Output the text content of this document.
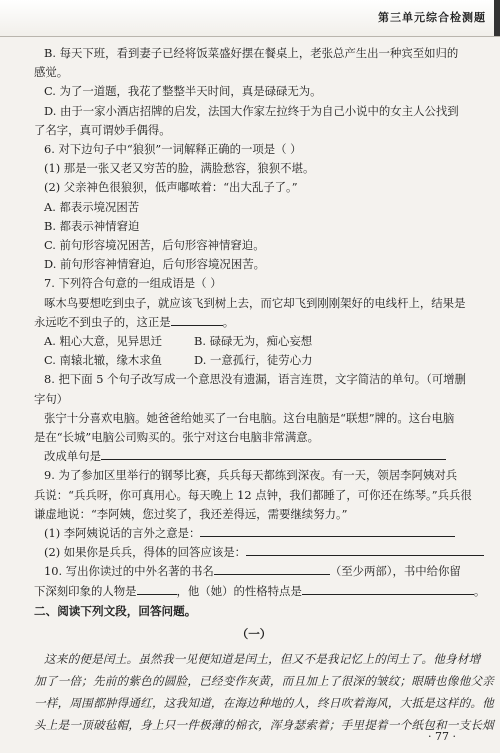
第三单元综合检测题
B. 每天下班，看到妻子已经将饭菜盛好摆在餐桌上，老张总产生出一种宾至如归的
感觉。
C. 为了一道题，我花了整整半天时间，真是碌碌无为。
D. 由于一家小酒店招牌的启发，法国大作家左拉终于为自己小说中的女主人公找到
了名字，真可谓妙手偶得。
6. 对下边句子中“狼狈”一词解释正确的一项是（ ）
(1) 那是一张又老又穷苦的脸，满脸愁容，狼狈不堪。
(2) 父亲神色很狼狈，低声嘟哝着：“出大乱子了。”
A. 都表示境况困苦
B. 都表示神情窘迫
C. 前句形容境况困苦，后句形容神情窘迫。
D. 前句形容神情窘迫，后句形容境况困苦。
7. 下列符合句意的一组成语是（ ）
啄木鸟要想吃到虫子，就应该飞到树上去，而它却飞到刚刚架好的电线杆上，结果是
永远吃不到虫子的，这正是	。
A. 粗心大意，见异思迁	B. 碌碌无为，痴心妄想
C. 南辕北辙，缘木求鱼	D. 一意孤行，徒劳心力
8. 把下面 5 个句子改写成一个意思没有遗漏，语言连贯，文字简洁的单句。（可增删
字句）
张宁十分喜欢电脑。她爸爸给她买了一台电脑。这台电脑是“联想”牌的。这台电脑
是在“长城”电脑公司购买的。张宁对这台电脑非常满意。
改成单句是
9. 为了参加区里举行的钢琴比赛，兵兵每天都练到深夜。有一天，领居李阿姨对兵
兵说：“兵兵呀，你可真用心。每天晚上 12 点钟，我们都睡了，可你还在练琴。”兵兵很
谦虚地说：“李阿姨，您过奖了，我还差得远，需要继续努力。”
(1) 李阿姨说话的言外之意是：
(2) 如果你是兵兵，得体的回答应该是：
10. 写出你读过的中外名著的书名	（至少两部），书中给你留
下深刻印象的人物是	，他（她）的性格特点是	。
二、阅读下列文段，回答问题。
（一）
这来的便是闰土。虽然我一见便知道是闰土，但又不是我记忆上的闰土了。他身材增
加了一倍；先前的紫色的圆脸，已经变作灰黄，而且加上了很深的皱纹；眼睛也像他父亲
一样，周围都肿得通红，这我知道，在海边种地的人，终日吹着海风，大抵是这样的。他
头上是一顶破毡帽，身上只一件极薄的棉衣，浑身瑟索着；手里提着一个纸包和一支长烟
· 77 ·
